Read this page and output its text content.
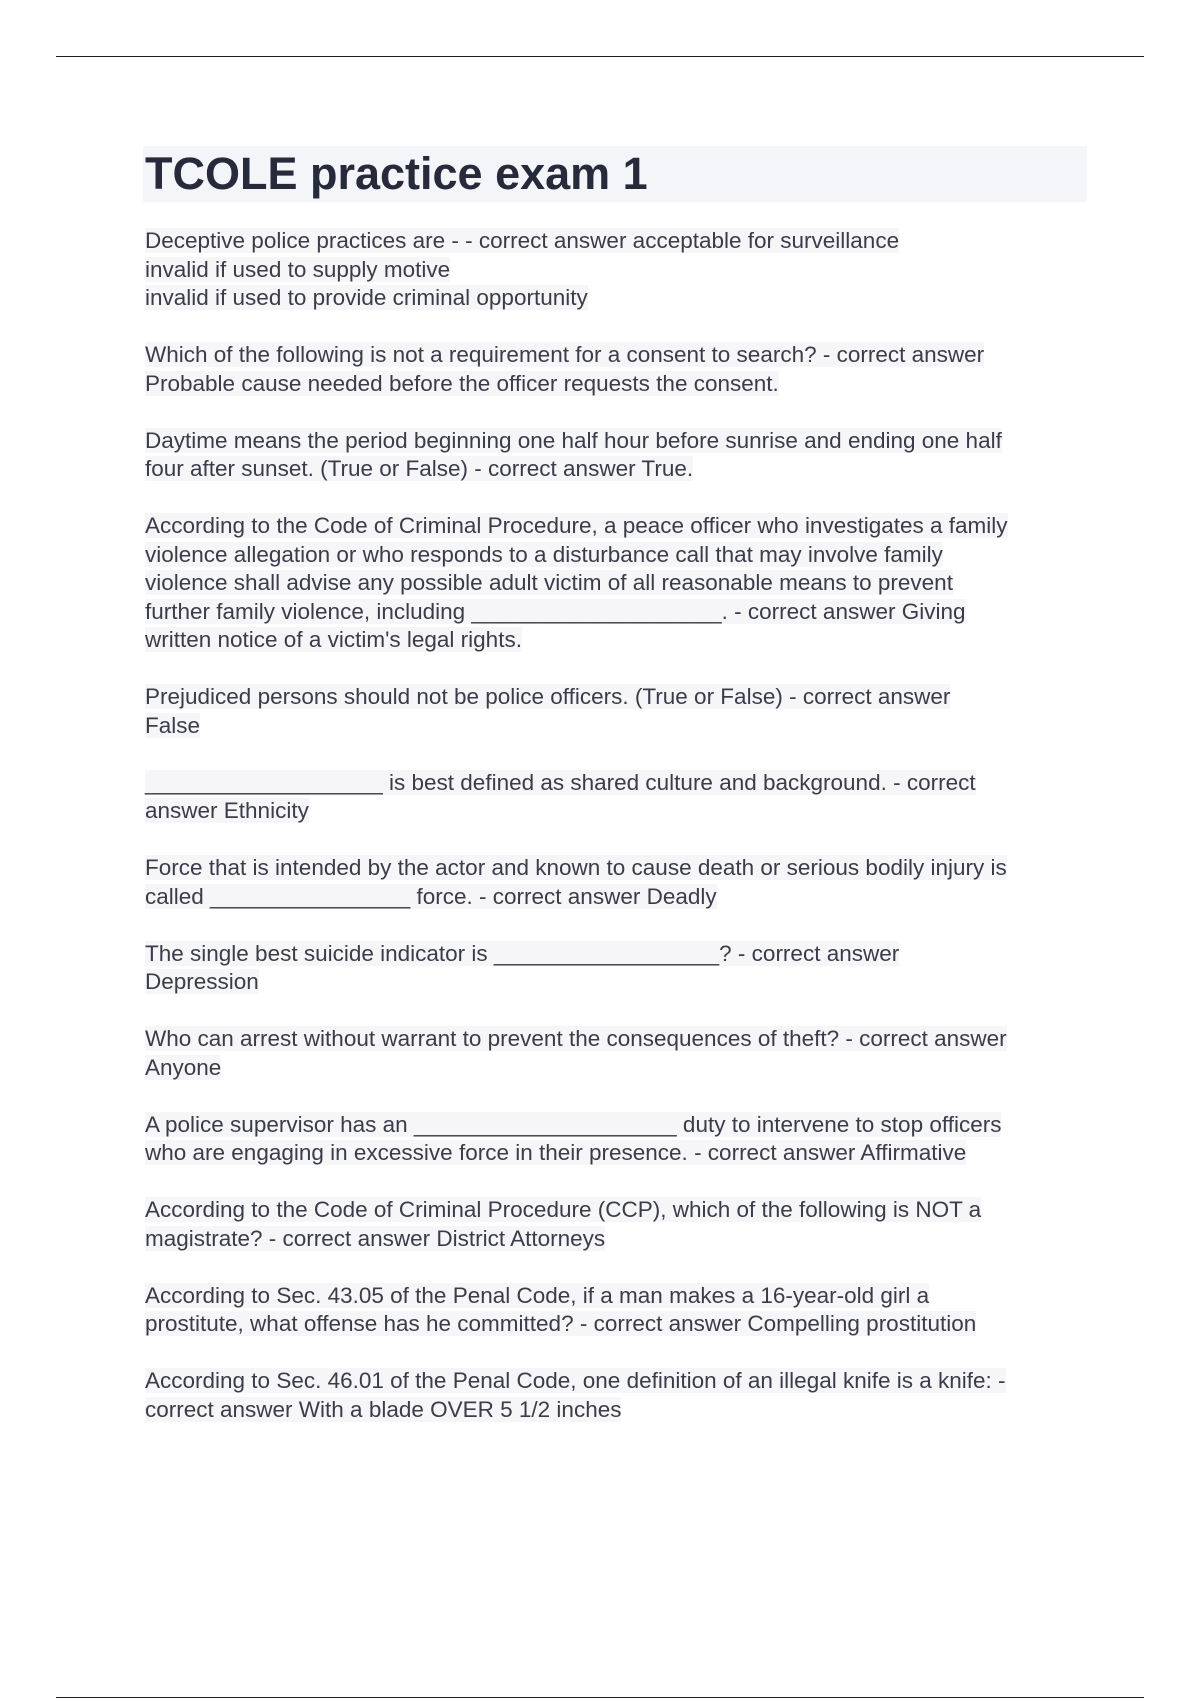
TCOLE practice exam 1

Deceptive police practices are - - correct answer acceptable for surveillance
invalid if used to supply motive
invalid if used to provide criminal opportunity

Which of the following is not a requirement for a consent to search? - correct answer
Probable cause needed before the officer requests the consent.

Daytime means the period beginning one half hour before sunrise and ending one half
four after sunset. (True or False) - correct answer True.

According to the Code of Criminal Procedure, a peace officer who investigates a family
violence allegation or who responds to a disturbance call that may involve family
violence shall advise any possible adult victim of all reasonable means to prevent
further family violence, including ____________________. - correct answer Giving
written notice of a victim's legal rights.

Prejudiced persons should not be police officers. (True or False) - correct answer
False

___________________ is best defined as shared culture and background. - correct
answer Ethnicity

Force that is intended by the actor and known to cause death or serious bodily injury is
called ________________ force. - correct answer Deadly

The single best suicide indicator is __________________? - correct answer
Depression

Who can arrest without warrant to prevent the consequences of theft? - correct answer
Anyone

A police supervisor has an _____________________ duty to intervene to stop officers
who are engaging in excessive force in their presence. - correct answer Affirmative

According to the Code of Criminal Procedure (CCP), which of the following is NOT a
magistrate? - correct answer District Attorneys

According to Sec. 43.05 of the Penal Code, if a man makes a 16-year-old girl a
prostitute, what offense has he committed? - correct answer Compelling prostitution

According to Sec. 46.01 of the Penal Code, one definition of an illegal knife is a knife: -
correct answer With a blade OVER 5 1/2 inches
